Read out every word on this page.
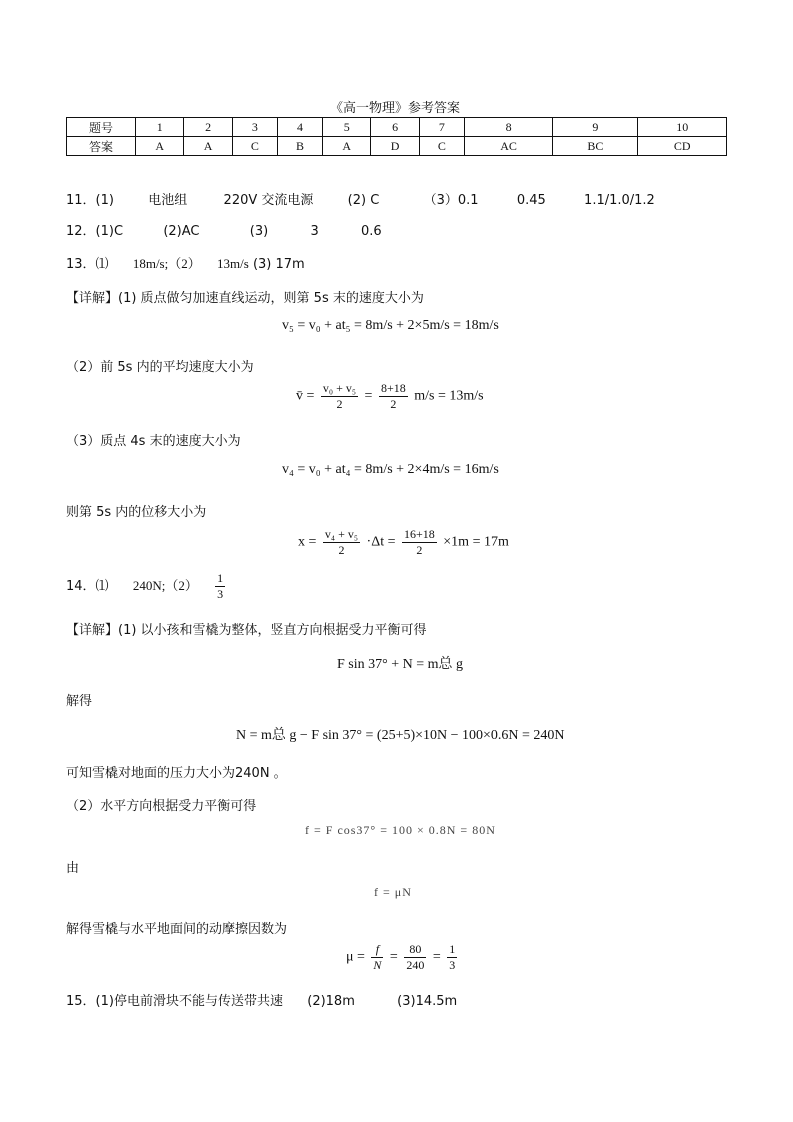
《高一物理》参考答案
题号	1	2	3	4	5	6	7	8	9	10
答案	A	A	C	B	A	D	C	AC	BC	CD
11．(1)	电池组	220V 交流电源	(2) C	（3）0.1	0.45	1.1/1.0/1.2
12．(1)C	(2)AC	(3)	3	0.6
13．⑴ 18m/s;（2） 13m/s (3) 17m
【详解】(1) 质点做匀加速直线运动，则第 5s 末的速度大小为
v₅ = v₀ + at₅ = 8m/s + 2×5m/s = 18m/s
（2）前 5s 内的平均速度大小为
v̄ = $\frac{\text{v₀ + v₅}}{2} = \frac{8+18}{2} m/s = 13m/s$
（3）质点 4s 末的速度大小为
v₄ = v₀ + at₄ = 8m/s + 2×4m/s = 16m/s
则第 5s 内的位移大小为
$x = \frac{\text{v₄ + v₅}}{2} \cdot\Delta t = \frac{16+18}{2} \times 1m = 17m$
14．⑴ 240N;（2） $\frac{1}{3}$
【详解】(1) 以小孩和雪橇为整体，竖直方向根据受力平衡可得
F sin 37° + N = m总 g
解得
N = m总 g − F sin 37° = (25+5)×10N − 100×0.6N = 240N
可知雪橇对地面的压力大小为240N 。
（2）水平方向根据受力平衡可得
f = F cos37° = 100 × 0.8N = 80N
由
f = μN
解得雪橇与水平地面间的动摩擦因数为
$\mu = \frac{f}{N} = \frac{80}{240} = \frac{1}{3}$
15．(1)停电前滑块不能与传送带共速 (2)18m	(3)14.5m
